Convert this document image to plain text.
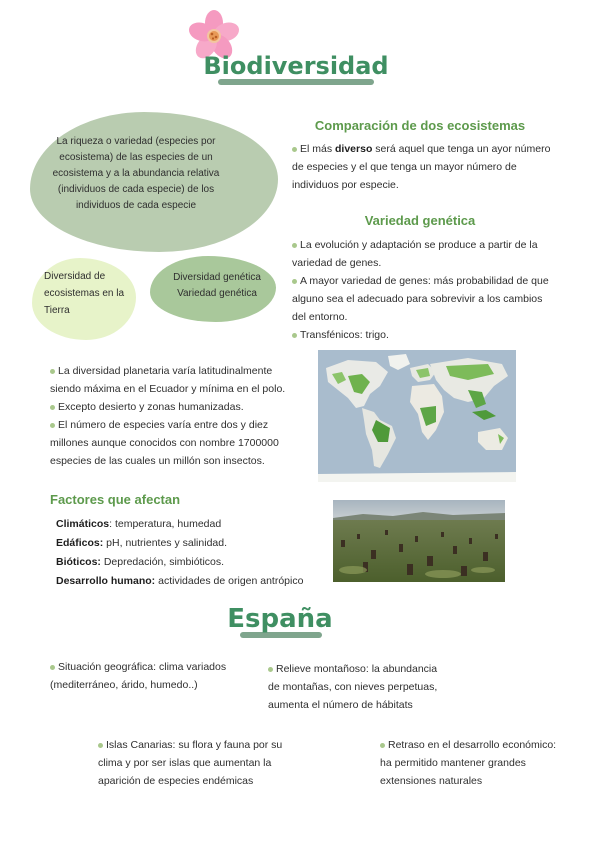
Biodiversidad
La riqueza o variedad (especies por ecosistema) de las especies de un ecosistema y a la abundancia relativa (individuos de cada especie) de los individuos de cada especie
Diversidad de ecosistemas en la Tierra
Diversidad genética Variedad genética
Comparación de dos ecosistemas
El más diverso será aquel que tenga un ayor número de especies y el que tenga un mayor número de individuos por especie.
Variedad genética
La evolución y adaptación se produce a partir de la variedad de genes.
A mayor variedad de genes: más probabilidad de que alguno sea el adecuado para sobrevivir a los cambios del entorno.
Transfénicos: trigo.
La diversidad planetaria varía latitudinalmente siendo máxima en el Ecuador y mínima en el polo.
Excepto desierto y zonas humanizadas.
El número de especies varía entre dos y diez millones aunque conocidos con nombre 1700000 especies de las cuales un millón son insectos.
Factores que afectan
Climáticos: temperatura, humedad
Edáficos: pH, nutrientes y salinidad.
Bióticos: Depredación, simbióticos.
Desarrollo humano: actividades de origen antrópico
España
Situación geográfica: clima variados (mediterráneo, árido, humedo..)
Relieve montañoso: la abundancia de montañas, con nieves perpetuas, aumenta el número de hábitats
Islas Canarias: su flora y fauna por su clima y por ser islas que aumentan la aparición de especies endémicas
Retraso en el desarrollo económico: ha permitido mantener grandes extensiones naturales
